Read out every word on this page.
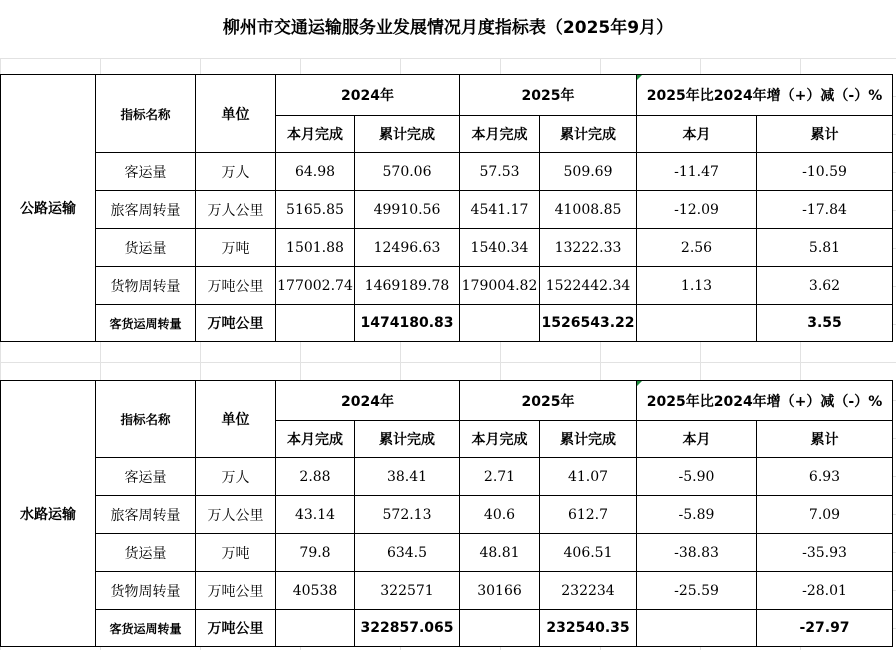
柳州市交通运输服务业发展情况月度指标表（2025年9月）
公路运输	指标名称	单位	2024年		2025年		2025年比2024年增（+）减（-）%	
			本月完成	累计完成	本月完成	累计完成	本月	累计
	客运量	万人	64.98	570.06	57.53	509.69	-11.47	-10.59
	旅客周转量	万人公里	5165.85	49910.56	4541.17	41008.85	-12.09	-17.84
	货运量	万吨	1501.88	12496.63	1540.34	13222.33	2.56	5.81
	货物周转量	万吨公里	177002.74	1469189.78	179004.82	1522442.34	1.13	3.62
	客货运周转量	万吨公里		1474180.83		1526543.22		3.55
水路运输	指标名称	单位	2024年		2025年		2025年比2024年增（+）减（-）%	
			本月完成	累计完成	本月完成	累计完成	本月	累计
	客运量	万人	2.88	38.41	2.71	41.07	-5.90	6.93
	旅客周转量	万人公里	43.14	572.13	40.6	612.7	-5.89	7.09
	货运量	万吨	79.8	634.5	48.81	406.51	-38.83	-35.93
	货物周转量	万吨公里	40538	322571	30166	232234	-25.59	-28.01
	客货运周转量	万吨公里		322857.065		232540.35		-27.97
